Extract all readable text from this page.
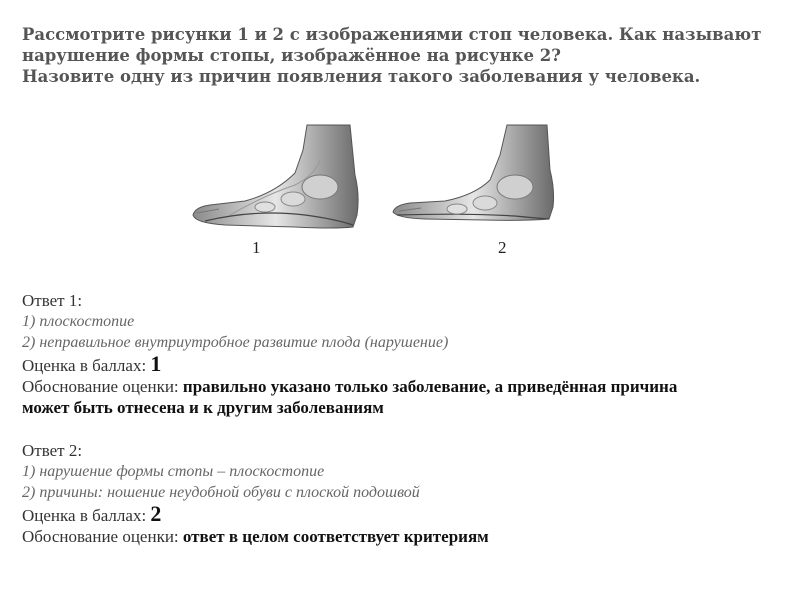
Рассмотрите рисунки 1 и 2 с изображениями стоп человека. Как называют
нарушение формы стопы, изображённое на рисунке 2?
Назовите одну из причин появления такого заболевания у человека.
1	2
Ответ 1:
1) плоскостопие
2) неправильное внутриутробное развитие плода (нарушение)
Оценка в баллах: 1
Обоснование оценки: правильно указано только заболевание, а приведённая причина
может быть отнесена и к другим заболеваниям
Ответ 2:
1) нарушение формы стопы – плоскостопие
2) причины: ношение неудобной обуви с плоской подошвой
Оценка в баллах: 2
Обоснование оценки: ответ в целом соответствует критериям
